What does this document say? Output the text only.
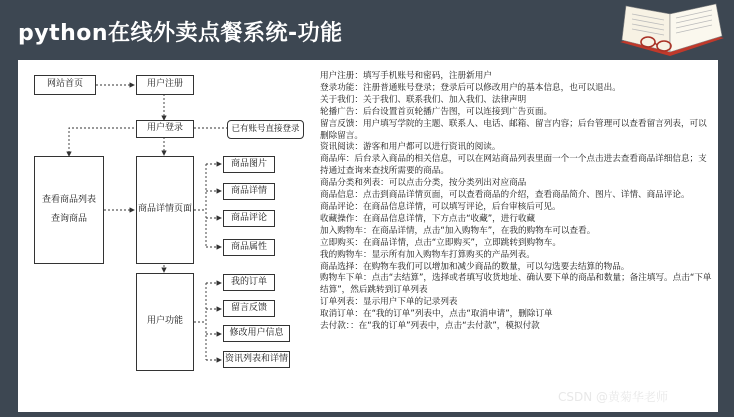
python在线外卖点餐系统-功能
网站首页	用户注册
用户登录	已有账号直接登录
查看商品列表
查询商品
商品详情页面
商品图片
商品详情
商品评论
商品属性
用户功能
我的订单
留言反馈
修改用户信息
资讯列表和详情

用户注册：填写手机账号和密码，注册新用户

登录功能：注册普通账号登录；登录后可以修改用户的基本信息，也可以退出。

关于我们：关于我们、联系我们、加入我们、法律声明

轮播广告：后台设置首页轮播广告图，可以连接到广告页面。

留言反馈：用户填写学院的主题、联系人、电话、邮箱、留言内容；后台管理可以查看留言列表，可以删除留言。

资讯阅读：游客和用户都可以进行资讯的阅读。

商品库：后台录入商品的相关信息，可以在网站商品列表里面一个一个点击进去查看商品详细信息；支持通过查询来查找所需要的商品。

商品分类和列表：可以点击分类，按分类列出对应商品

商品信息：点击到商品详情页面，可以查看商品的介绍，查看商品简介、图片、详情、商品评论。

商品评论：在商品信息详情，可以填写评论，后台审核后可见。

收藏操作：在商品信息详情，下方点击“收藏”，进行收藏

加入购物车：在商品详情，点击“加入购物车”，在我的购物车可以查看。

立即购买：在商品详情，点击“立即购买”，立即跳转到购物车。

我的购物车：显示所有加入购物车打算购买的产品列表。

商品选择：在购物车我们可以增加和减少商品的数量，可以勾选要去结算的物品。

购物车下单：点击“去结算”，选择或者填写收货地址、确认要下单的商品和数量；备注填写。点击“下单结算”，然后跳转到订单列表

订单列表：显示用户下单的记录列表

取消订单：在“我的订单”列表中，点击“取消申请”，删除订单

去付款：：在“我的订单”列表中，点击“去付款”，模拟付款

CSDN @黄菊华老师
